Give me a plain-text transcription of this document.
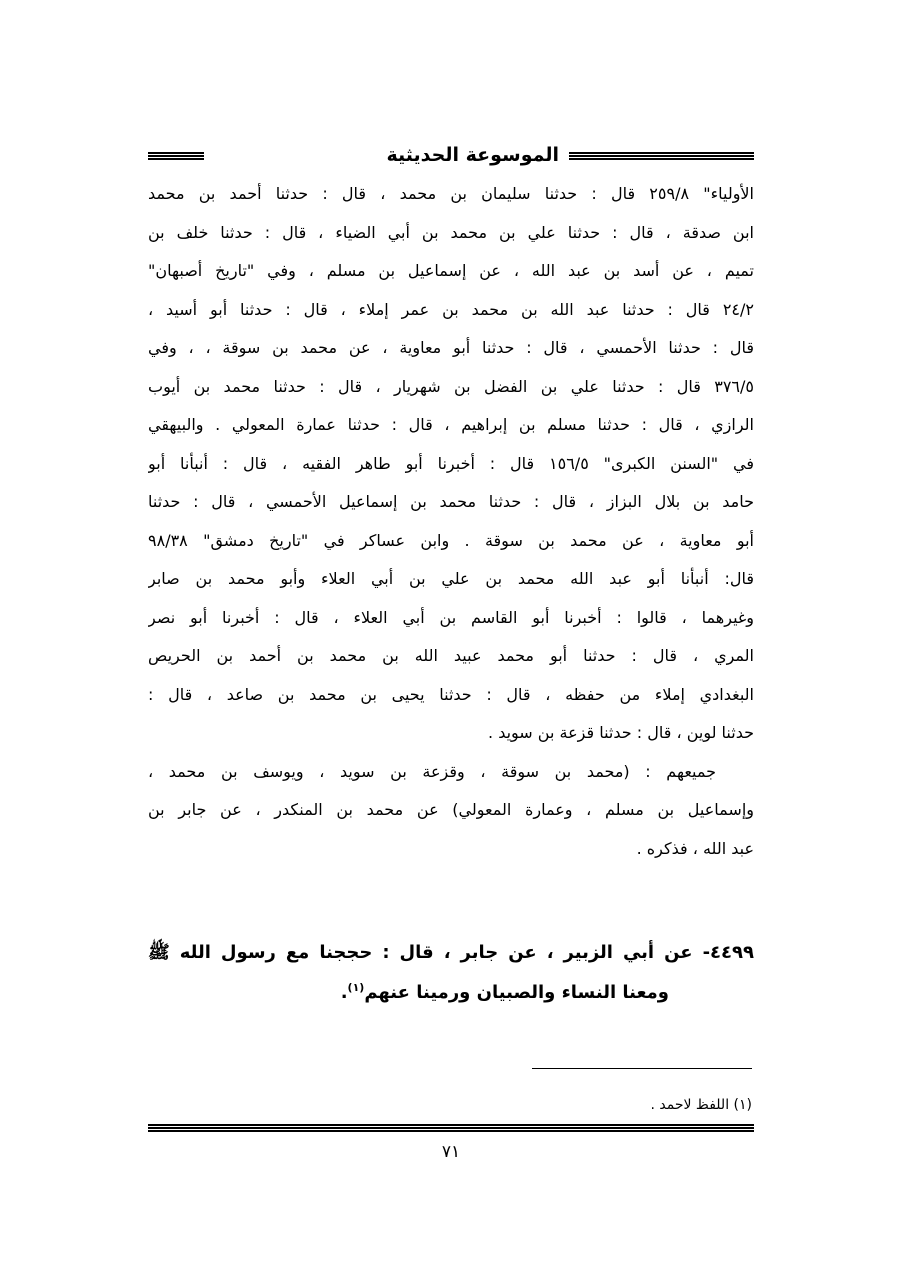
الموسوعة الحديثية
الأولياء" ٢٥٩/٨ قال : حدثنا سليمان بن محمد ، قال : حدثنا أحمد بن محمد
ابن صدقة ، قال : حدثنا علي بن محمد بن أبي الضياء ، قال : حدثنا خلف بن
تميم ، عن أسد بن عبد الله ، عن إسماعيل بن مسلم ، وفي "تاريخ أصبهان"
٢٤/٢ قال : حدثنا عبد الله بن محمد بن عمر إملاء ، قال : حدثنا أبو أسيد ،
قال : حدثنا الأحمسي ، قال : حدثنا أبو معاوية ، عن محمد بن سوقة ، ، وفي
٣٧٦/٥ قال : حدثنا علي بن الفضل بن شهريار ، قال : حدثنا محمد بن أيوب
الرازي ، قال : حدثنا مسلم بن إبراهيم ، قال : حدثنا عمارة المعولي . والبيهقي
في "السنن الكبرى" ١٥٦/٥ قال : أخبرنا أبو طاهر الفقيه ، قال : أنبأنا أبو
حامد بن بلال البزاز ، قال : حدثنا محمد بن إسماعيل الأحمسي ، قال : حدثنا
أبو معاوية ، عن محمد بن سوقة . وابن عساكر في "تاريخ دمشق" ٩٨/٣٨
قال: أنبأنا أبو عبد الله محمد بن علي بن أبي العلاء وأبو محمد بن صابر
وغيرهما ، قالوا : أخبرنا أبو القاسم بن أبي العلاء ، قال : أخبرنا أبو نصر
المري ، قال : حدثنا أبو محمد عبيد الله بن محمد بن أحمد بن الحريص
البغدادي إملاء من حفظه ، قال : حدثنا يحيى بن محمد بن صاعد ، قال :
حدثنا لوين ، قال : حدثنا قزعة بن سويد .
جميعهم : (محمد بن سوقة ، وقزعة بن سويد ، ويوسف بن محمد ،
وإسماعيل بن مسلم ، وعمارة المعولي) عن محمد بن المنكدر ، عن جابر بن
عبد الله ، فذكره .
٤٤٩٩- عن أبي الزبير ، عن جابر ، قال : حججنا مع رسول الله ﷺ
ومعنا النساء والصبيان ورمينا عنهم$^{(١)}$.
(١) اللفظ لاحمد .
٧١
